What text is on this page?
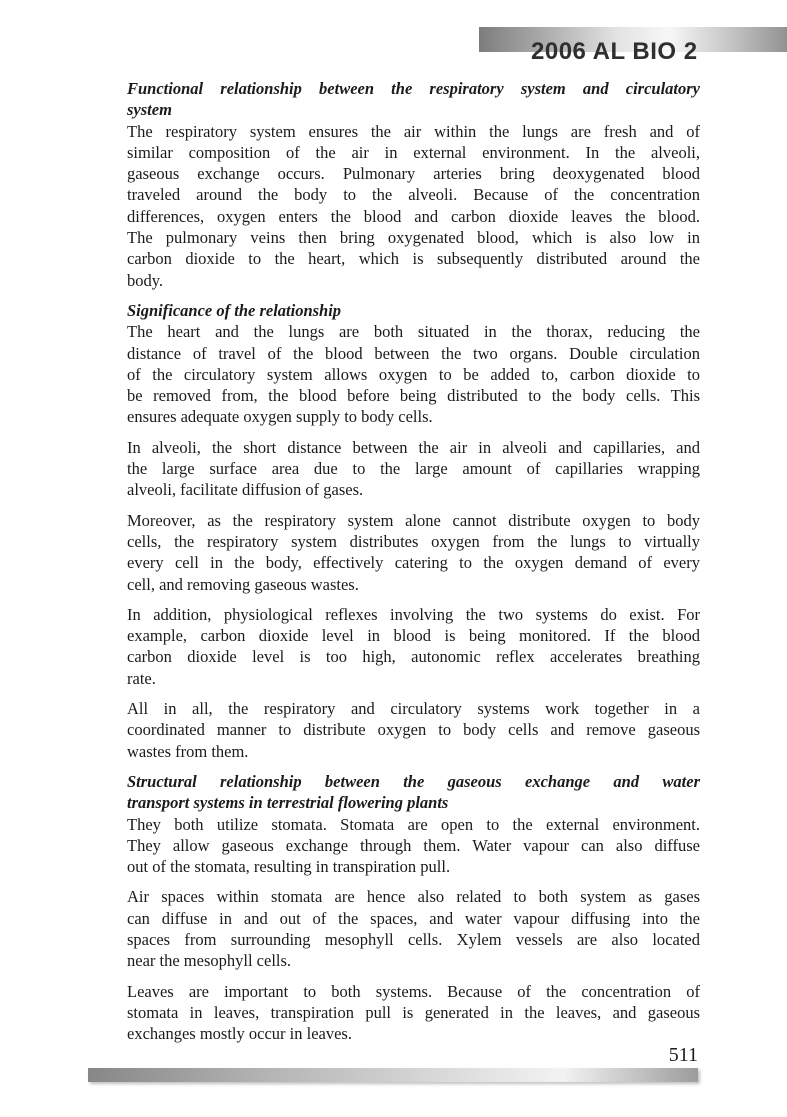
2006 AL BIO 2
Functional relationship between the respiratory system and circulatory
system
The respiratory system ensures the air within the lungs are fresh and of
similar composition of the air in external environment. In the alveoli,
gaseous exchange occurs. Pulmonary arteries bring deoxygenated blood
traveled around the body to the alveoli. Because of the concentration
differences, oxygen enters the blood and carbon dioxide leaves the blood.
The pulmonary veins then bring oxygenated blood, which is also low in
carbon dioxide to the heart, which is subsequently distributed around the
body.
Significance of the relationship
The heart and the lungs are both situated in the thorax, reducing the
distance of travel of the blood between the two organs. Double circulation
of the circulatory system allows oxygen to be added to, carbon dioxide to
be removed from, the blood before being distributed to the body cells. This
ensures adequate oxygen supply to body cells.
In alveoli, the short distance between the air in alveoli and capillaries, and
the large surface area due to the large amount of capillaries wrapping
alveoli, facilitate diffusion of gases.
Moreover, as the respiratory system alone cannot distribute oxygen to body
cells, the respiratory system distributes oxygen from the lungs to virtually
every cell in the body, effectively catering to the oxygen demand of every
cell, and removing gaseous wastes.
In addition, physiological reflexes involving the two systems do exist. For
example, carbon dioxide level in blood is being monitored. If the blood
carbon dioxide level is too high, autonomic reflex accelerates breathing
rate.
All in all, the respiratory and circulatory systems work together in a
coordinated manner to distribute oxygen to body cells and remove gaseous
wastes from them.
Structural relationship between the gaseous exchange and water
transport systems in terrestrial flowering plants
They both utilize stomata. Stomata are open to the external environment.
They allow gaseous exchange through them. Water vapour can also diffuse
out of the stomata, resulting in transpiration pull.
Air spaces within stomata are hence also related to both system as gases
can diffuse in and out of the spaces, and water vapour diffusing into the
spaces from surrounding mesophyll cells. Xylem vessels are also located
near the mesophyll cells.
Leaves are important to both systems. Because of the concentration of
stomata in leaves, transpiration pull is generated in the leaves, and gaseous
exchanges mostly occur in leaves.
511
